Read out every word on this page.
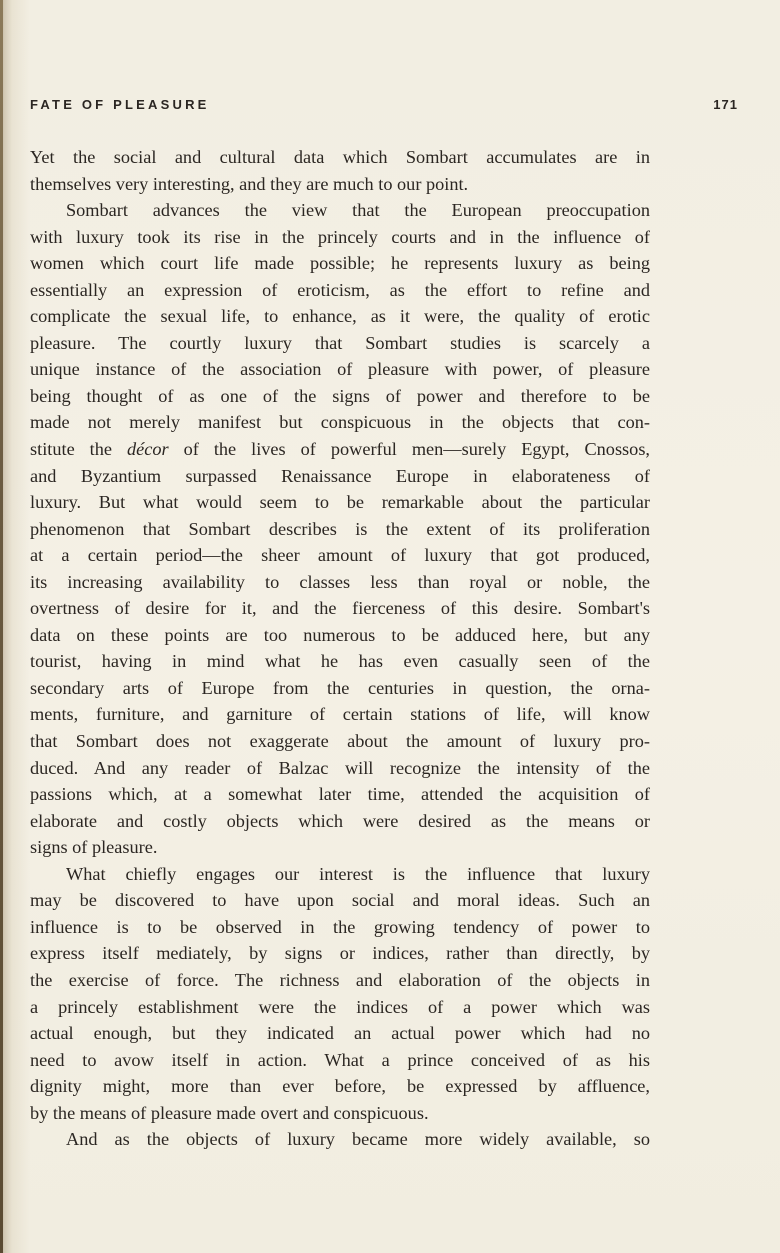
FATE OF PLEASURE	171
Yet the social and cultural data which Sombart accumulates are in
themselves very interesting, and they are much to our point.
Sombart advances the view that the European preoccupation
with luxury took its rise in the princely courts and in the influence of
women which court life made possible; he represents luxury as being
essentially an expression of eroticism, as the effort to refine and
complicate the sexual life, to enhance, as it were, the quality of erotic
pleasure. The courtly luxury that Sombart studies is scarcely a
unique instance of the association of pleasure with power, of pleasure
being thought of as one of the signs of power and therefore to be
made not merely manifest but conspicuous in the objects that con-
stitute the décor of the lives of powerful men—surely Egypt, Cnossos,
and Byzantium surpassed Renaissance Europe in elaborateness of
luxury. But what would seem to be remarkable about the particular
phenomenon that Sombart describes is the extent of its proliferation
at a certain period—the sheer amount of luxury that got produced,
its increasing availability to classes less than royal or noble, the
overtness of desire for it, and the fierceness of this desire. Sombart's
data on these points are too numerous to be adduced here, but any
tourist, having in mind what he has even casually seen of the
secondary arts of Europe from the centuries in question, the orna-
ments, furniture, and garniture of certain stations of life, will know
that Sombart does not exaggerate about the amount of luxury pro-
duced. And any reader of Balzac will recognize the intensity of the
passions which, at a somewhat later time, attended the acquisition of
elaborate and costly objects which were desired as the means or
signs of pleasure.
What chiefly engages our interest is the influence that luxury
may be discovered to have upon social and moral ideas. Such an
influence is to be observed in the growing tendency of power to
express itself mediately, by signs or indices, rather than directly, by
the exercise of force. The richness and elaboration of the objects in
a princely establishment were the indices of a power which was
actual enough, but they indicated an actual power which had no
need to avow itself in action. What a prince conceived of as his
dignity might, more than ever before, be expressed by affluence,
by the means of pleasure made overt and conspicuous.
And as the objects of luxury became more widely available, so
